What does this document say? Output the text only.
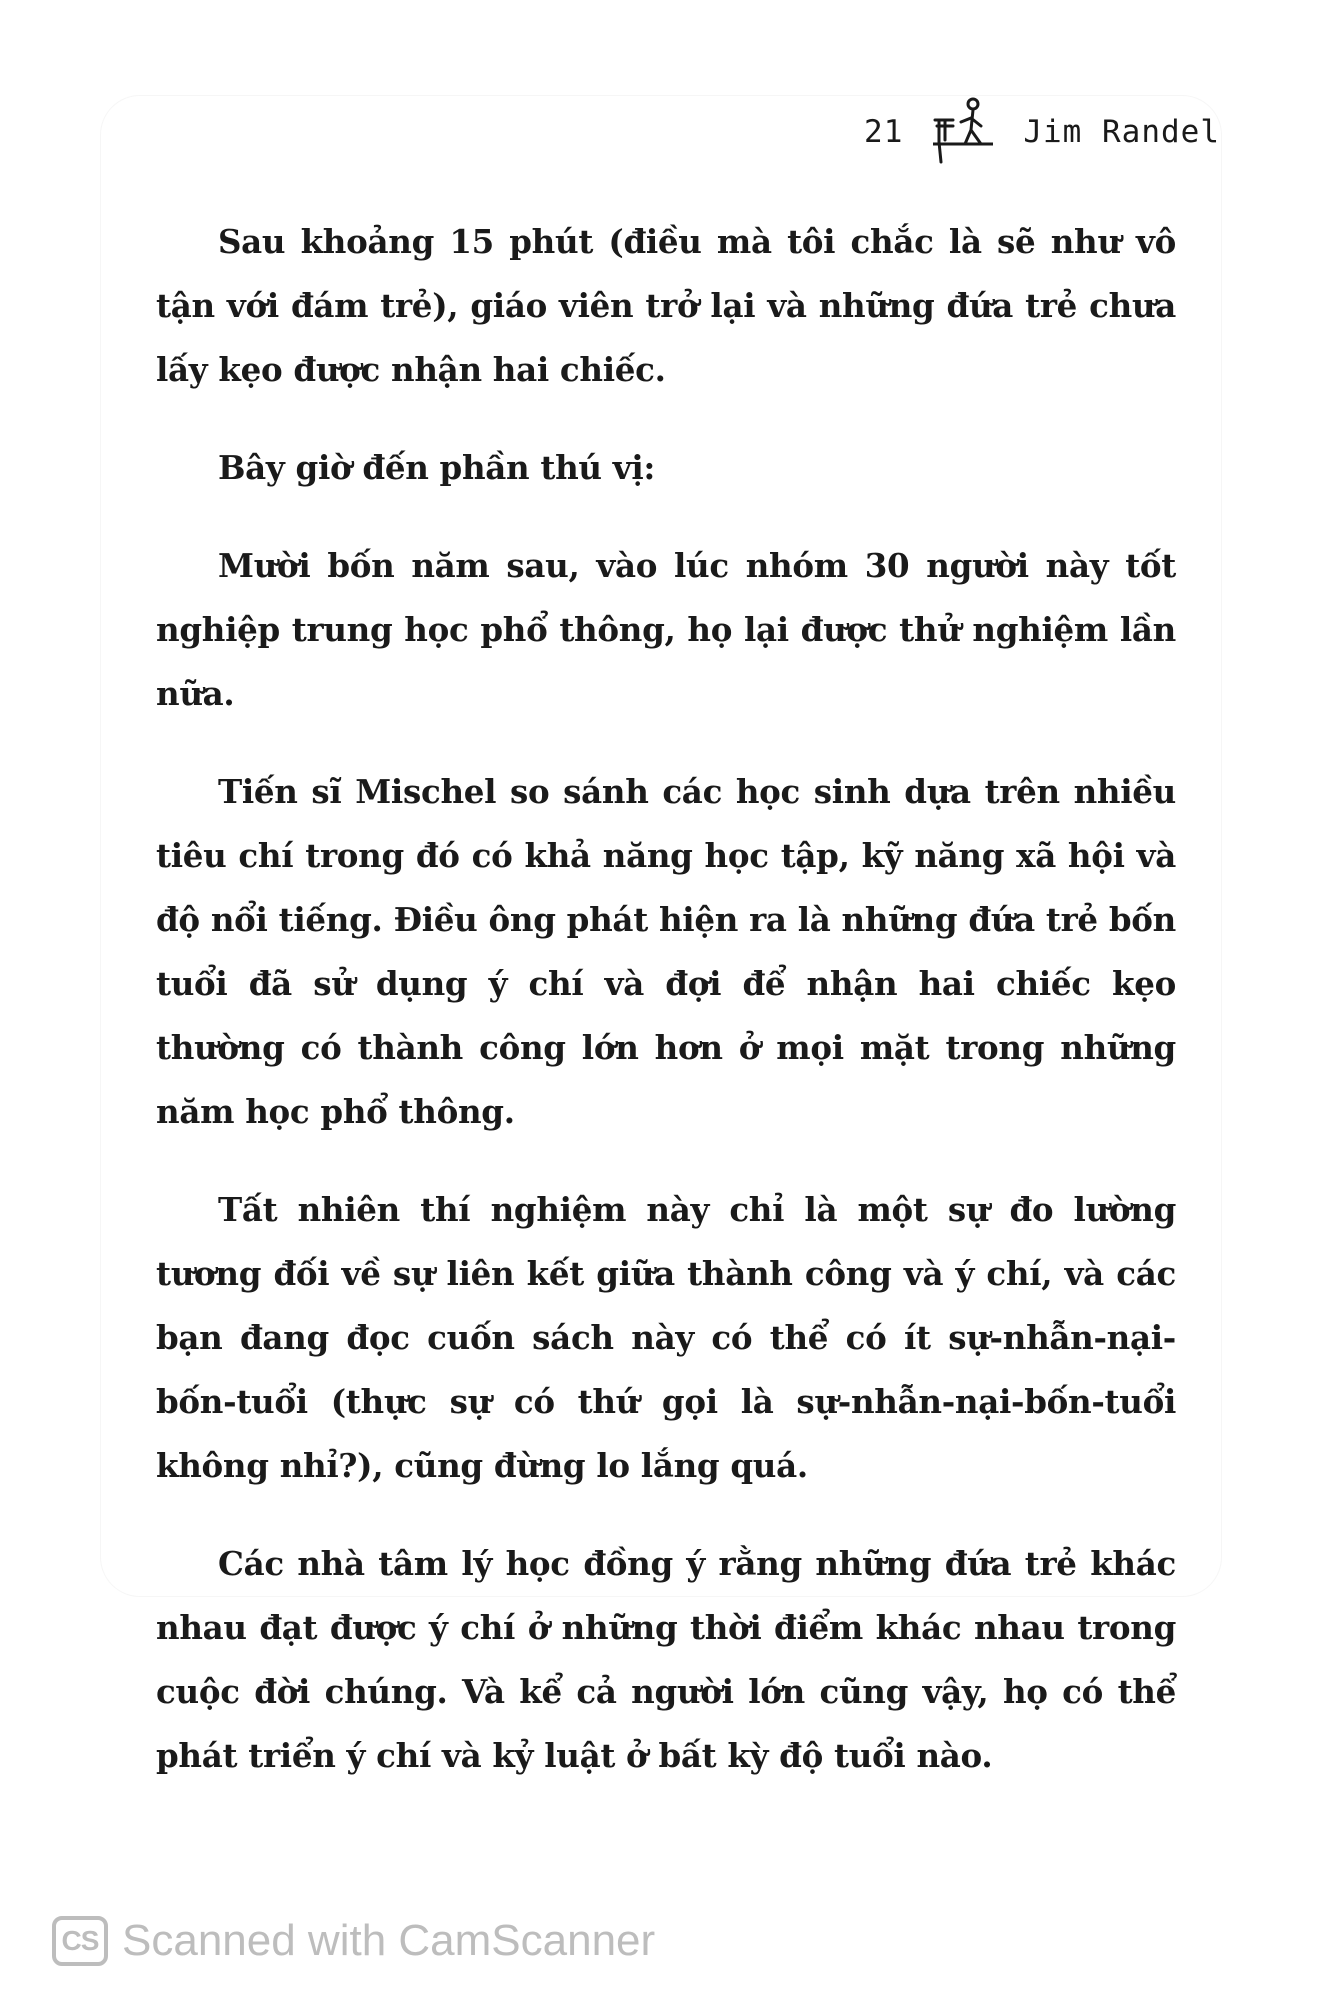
21	Jim Randel

Sau khoảng 15 phút (điều mà tôi chắc là sẽ như vô tận với đám trẻ), giáo viên trở lại và những đứa trẻ chưa lấy kẹo được nhận hai chiếc.

Bây giờ đến phần thú vị:

Mười bốn năm sau, vào lúc nhóm 30 người này tốt nghiệp trung học phổ thông, họ lại được thử nghiệm lần nữa.

Tiến sĩ Mischel so sánh các học sinh dựa trên nhiều tiêu chí trong đó có khả năng học tập, kỹ năng xã hội và độ nổi tiếng. Điều ông phát hiện ra là những đứa trẻ bốn tuổi đã sử dụng ý chí và đợi để nhận hai chiếc kẹo thường có thành công lớn hơn ở mọi mặt trong những năm học phổ thông.

Tất nhiên thí nghiệm này chỉ là một sự đo lường tương đối về sự liên kết giữa thành công và ý chí, và các bạn đang đọc cuốn sách này có thể có ít sự-nhẫn-nại-bốn-tuổi (thực sự có thứ gọi là sự-nhẫn-nại-bốn-tuổi không nhỉ?), cũng đừng lo lắng quá.

Các nhà tâm lý học đồng ý rằng những đứa trẻ khác nhau đạt được ý chí ở những thời điểm khác nhau trong cuộc đời chúng. Và kể cả người lớn cũng vậy, họ có thể phát triển ý chí và kỷ luật ở bất kỳ độ tuổi nào.

CS Scanned with CamScanner
